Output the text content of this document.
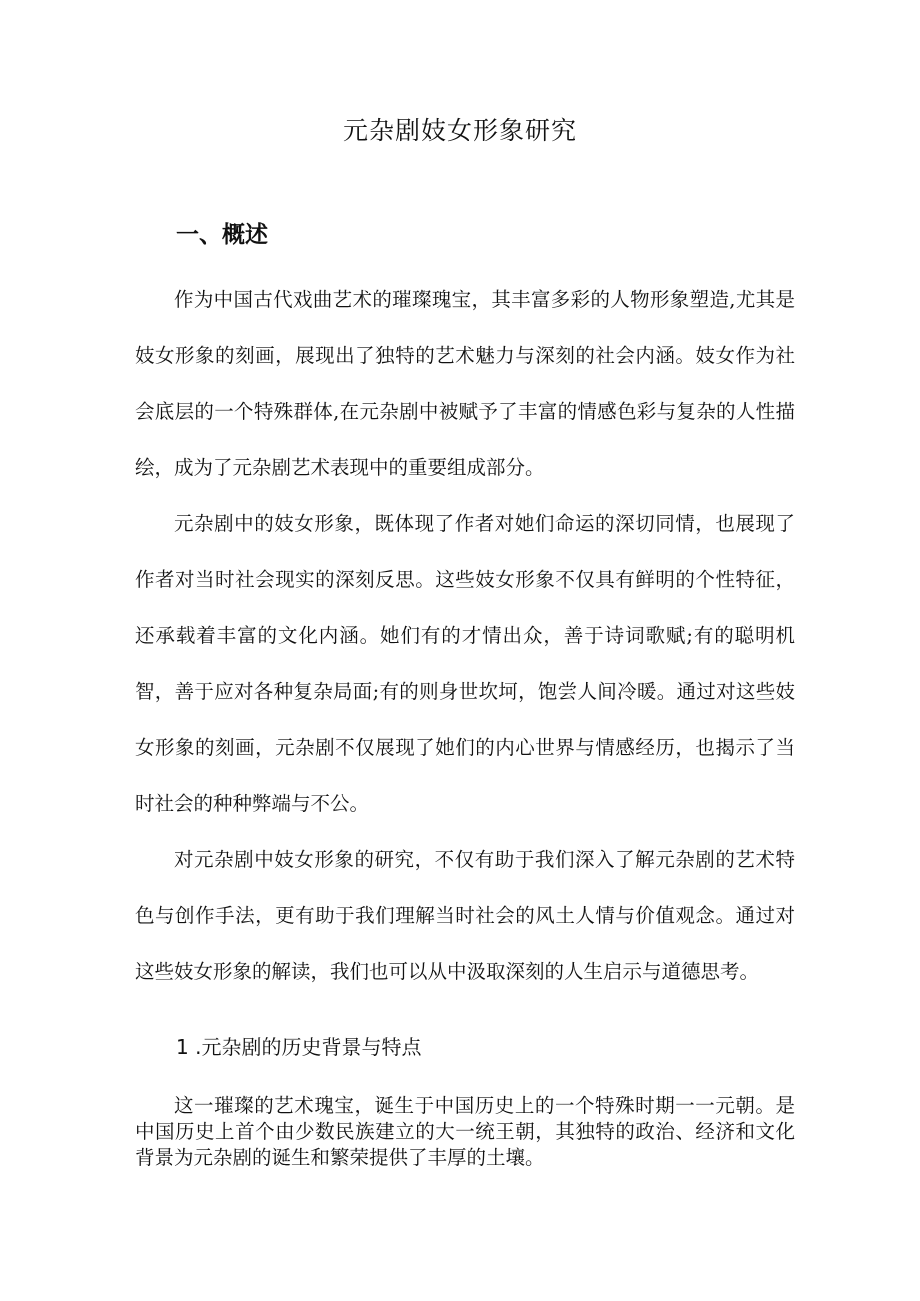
元杂剧妓女形象研究
一、概述

作为中国古代戏曲艺术的璀璨瑰宝，其丰富多彩的人物形象塑造,尤其是妓女形象的刻画，展现出了独特的艺术魅力与深刻的社会内涵。妓女作为社会底层的一个特殊群体,在元杂剧中被赋予了丰富的情感色彩与复杂的人性描绘，成为了元杂剧艺术表现中的重要组成部分。

元杂剧中的妓女形象，既体现了作者对她们命运的深切同情，也展现了作者对当时社会现实的深刻反思。这些妓女形象不仅具有鲜明的个性特征，还承载着丰富的文化内涵。她们有的才情出众，善于诗词歌赋;有的聪明机智，善于应对各种复杂局面;有的则身世坎坷，饱尝人间冷暖。通过对这些妓女形象的刻画，元杂剧不仅展现了她们的内心世界与情感经历，也揭示了当时社会的种种弊端与不公。

对元杂剧中妓女形象的研究，不仅有助于我们深入了解元杂剧的艺术特色与创作手法，更有助于我们理解当时社会的风土人情与价值观念。通过对这些妓女形象的解读，我们也可以从中汲取深刻的人生启示与道德思考。

1 .元杂剧的历史背景与特点

这一璀璨的艺术瑰宝，诞生于中国历史上的一个特殊时期一一元朝。是中国历史上首个由少数民族建立的大一统王朝，其独特的政治、经济和文化背景为元杂剧的诞生和繁荣提供了丰厚的土壤。
